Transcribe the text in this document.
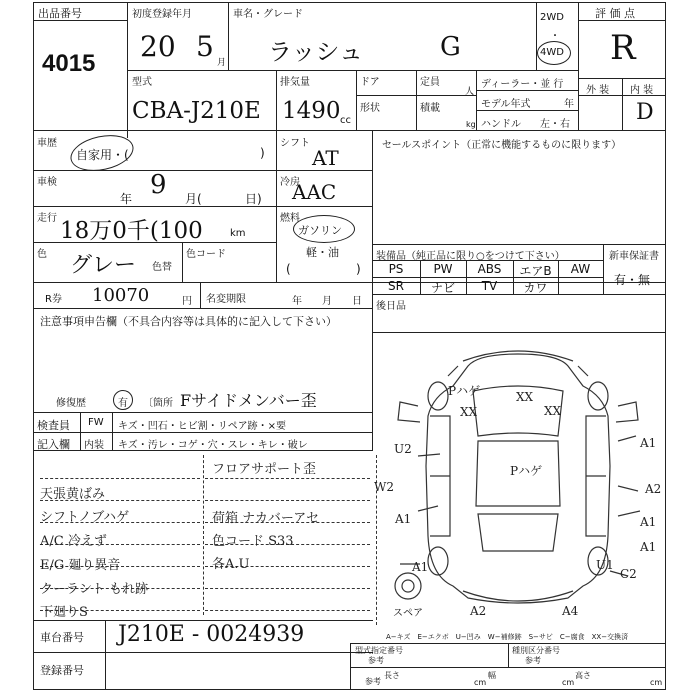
出品番号
4015
初度登録年月
20 5 月
車名・グレード
ラッシュ	G
2WD
・
4WD
評 価 点
R
外 装 内 装
D
型式
CBA-J210E
排気量
1490 cc
ドア
形状
定員
人
積載
kg
ディーラー・並 行
モデル年式	年
ハンドル 左・右
車歴
自家用・(	)
車検
年 9 月(	日)
走行 18万0千(100	km
色 グレー 色替
色コード
シフト
AT
冷房
AAC
燃料
ガソリン
軽・油
(	)
R券 10070	円 名変期限	年 月 日
セールスポイント（正常に機能するものに限ります）
装備品（純正品に限り○をつけて下さい）	新車保証書
有・無
PS	PW	ABS	エアB	AW
SR	ナビ	TV	カワ
後日品
注意事項申告欄（不具合内容等は具体的に記入して下さい）
修復歴	有 〔箇所 Fサイドメンバー歪
検査員 FW キズ・凹石・ヒビ割・リペア跡・×要
記入欄 内装 キズ・汚レ・コゲ・穴・スレ・キレ・破レ
フロアサポート歪
天張黄ばみ
シフトノブハゲ
A/C 冷えず
E/G 廻り異音
クーラント もれ跡
下廻りS
荷箱 ナカバーアセ
色コード S33
各A.U
Pハゲ
XX
XX
XX
Pハゲ
U2
W2
A1
A1
A1
A2
A1
A1
U1
C2
A2	A4
スペア
A−キズ　E−エクボ　U−凹み　W−補修跡　S−サビ　C−腐食　XX−交換済
車台番号 J210E - 0024939
登録番号
型式指定番号
参考
種別区分番号
参考
参考
長さ
cm
幅
cm
高さ
cm
